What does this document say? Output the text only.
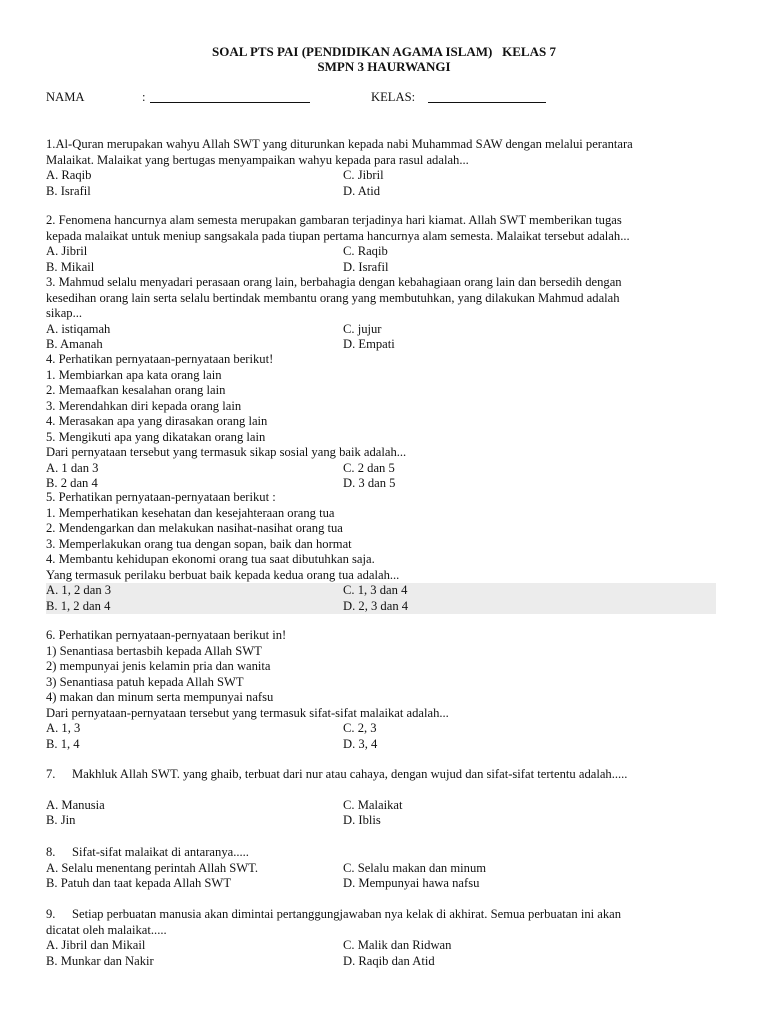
SOAL PTS PAI (PENDIDIKAN AGAMA ISLAM)   KELAS 7
SMPN 3 HAURWANGI
NAMA	:	KELAS:

1.Al-Quran merupakan wahyu Allah SWT yang diturunkan kepada nabi Muhammad SAW dengan melalui perantara

Malaikat. Malaikat yang bertugas menyampaikan wahyu kepada para rasul adalah...

A. Raqib	C. Jibril
B. Israfil	D. Atid

2. Fenomena hancurnya alam semesta merupakan gambaran terjadinya hari kiamat. Allah SWT memberikan tugas

kepada malaikat untuk meniup sangsakala pada tiupan pertama hancurnya alam semesta. Malaikat tersebut adalah...

A. Jibril	C. Raqib
B. Mikail	D. Israfil

3. Mahmud selalu menyadari perasaan orang lain, berbahagia dengan kebahagiaan orang lain dan bersedih dengan

kesedihan orang lain serta selalu bertindak membantu orang yang membutuhkan, yang dilakukan Mahmud adalah

sikap...

A. istiqamah	C. jujur
B. Amanah	D. Empati

4. Perhatikan pernyataan-pernyataan berikut!

1. Membiarkan apa kata orang lain

2. Memaafkan kesalahan orang lain

3. Merendahkan diri kepada orang lain

4. Merasakan apa yang dirasakan orang lain

5. Mengikuti apa yang dikatakan orang lain

Dari pernyataan tersebut yang termasuk sikap sosial yang baik adalah...

A. 1 dan 3	C. 2 dan 5
B. 2 dan 4	D. 3 dan 5

5. Perhatikan pernyataan-pernyataan berikut :

1. Memperhatikan kesehatan dan kesejahteraan orang tua

2. Mendengarkan dan melakukan nasihat-nasihat orang tua

3. Memperlakukan orang tua dengan sopan, baik dan hormat

4. Membantu kehidupan ekonomi orang tua saat dibutuhkan saja.

Yang termasuk perilaku berbuat baik kepada kedua orang tua adalah...

A. 1, 2 dan 3	C. 1, 3 dan 4
B. 1, 2 dan 4	D. 2, 3 dan 4

6. Perhatikan pernyataan-pernyataan berikut in!

1) Senantiasa bertasbih kepada Allah SWT

2) mempunyai jenis kelamin pria dan wanita

3) Senantiasa patuh kepada Allah SWT

4) makan dan minum serta mempunyai nafsu

Dari pernyataan-pernyataan tersebut yang termasuk sifat-sifat malaikat adalah...

A. 1, 3	C. 2, 3
B. 1, 4	D. 3, 4

7. Makhluk Allah SWT. yang ghaib, terbuat dari nur atau cahaya, dengan wujud dan sifat-sifat tertentu adalah.....

A. Manusia	C. Malaikat
B. Jin	D. Iblis

8. Sifat-sifat malaikat di antaranya.....

A. Selalu menentang perintah Allah SWT.	C. Selalu makan dan minum
B. Patuh dan taat kepada Allah SWT	D. Mempunyai hawa nafsu

9. Setiap perbuatan manusia akan dimintai pertanggungjawaban nya kelak di akhirat. Semua perbuatan ini akan

dicatat oleh malaikat.....

A. Jibril dan Mikail	C. Malik dan Ridwan
B. Munkar dan Nakir	D. Raqib dan Atid
